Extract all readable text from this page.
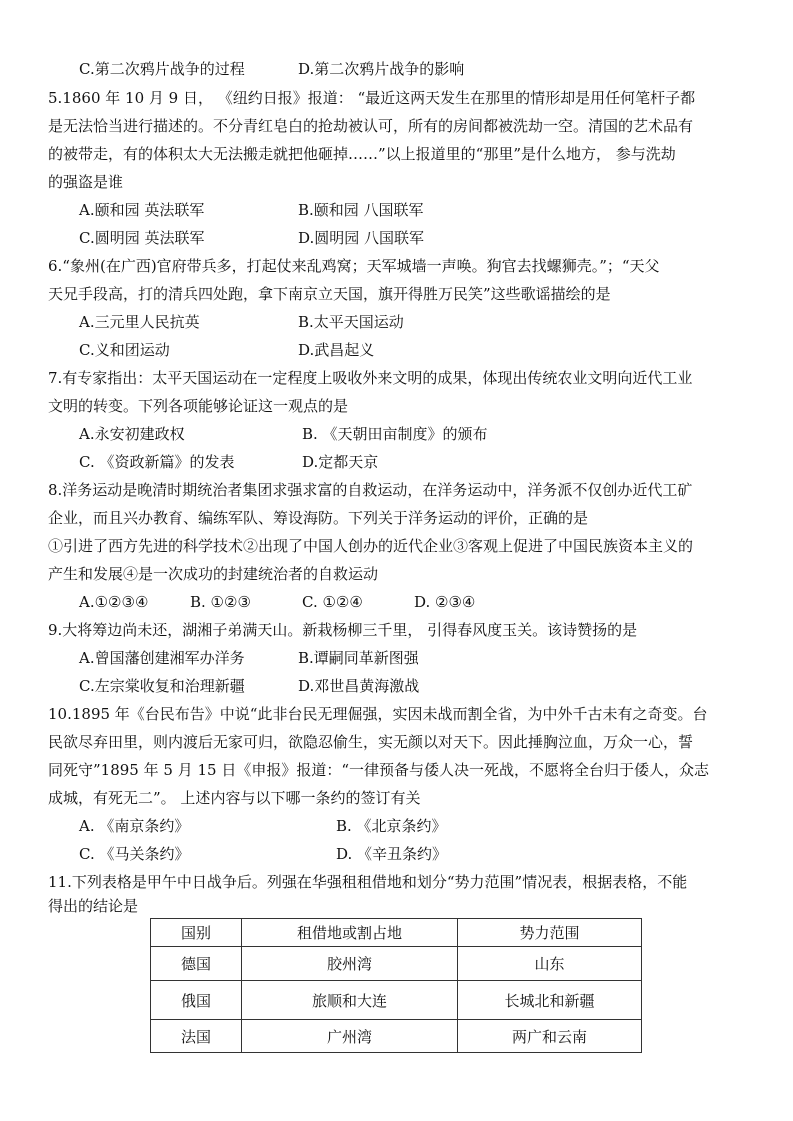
C.第二次鸦片战争的过程	D.第二次鸦片战争的影响
5.1860 年 10 月 9 日， 《纽约日报》报道： “最近这两天发生在那里的情形却是用任何笔杆子都
是无法恰当进行描述的。不分青红皂白的抢劫被认可，所有的房间都被洗劫一空。清国的艺术品有
的被带走，有的体积太大无法搬走就把他砸掉……”以上报道里的“那里”是什么地方， 参与洗劫
的强盗是谁
A.颐和园 英法联军	B.颐和园 八国联军
C.圆明园 英法联军	D.圆明园 八国联军
6.“象州(在广西)官府带兵多，打起仗来乱鸡窝；天军城墙一声唤。狗官去找螺狮壳。”；“天父
天兄手段高，打的清兵四处跑，拿下南京立天国，旗开得胜万民笑”这些歌谣描绘的是
A.三元里人民抗英	B.太平天国运动
C.义和团运动	D.武昌起义
7.有专家指出：太平天国运动在一定程度上吸收外来文明的成果，体现出传统农业文明向近代工业
文明的转变。下列各项能够论证这一观点的是
A.永安初建政权	B. 《天朝田亩制度》的颁布
C. 《资政新篇》的发表	D.定都天京
8.洋务运动是晚清时期统治者集团求强求富的自救运动，在洋务运动中，洋务派不仅创办近代工矿
企业，而且兴办教育、编练军队、筹设海防。下列关于洋务运动的评价，正确的是
①引进了西方先进的科学技术②出现了中国人创办的近代企业③客观上促进了中国民族资本主义的
产生和发展④是一次成功的封建统治者的自救运动
A.①②③④	B. ①②③	C. ①②④	D. ②③④
9.大将筹边尚未还，湖湘子弟满天山。新栽杨柳三千里， 引得春风度玉关。该诗赞扬的是
A.曾国藩创建湘军办洋务	B.谭嗣同革新图强
C.左宗棠收复和治理新疆	D.邓世昌黄海激战
10.1895 年《台民布告》中说“此非台民无理倔强，实因未战而割全省，为中外千古未有之奇变。台
民欲尽弃田里，则内渡后无家可归，欲隐忍偷生，实无颜以对天下。因此捶胸泣血，万众一心，誓
同死守”1895 年 5 月 15 日《申报》报道：“一律预备与倭人决一死战，不愿将全台归于倭人，众志
成城，有死无二”。 上述内容与以下哪一条约的签订有关
A. 《南京条约》	B. 《北京条约》
C. 《马关条约》	D. 《辛丑条约》
11.下列表格是甲午中日战争后。列强在华强租租借地和划分“势力范围”情况表，根据表格，不能
得出的结论是
国别	租借地或割占地	势力范围
德国	胶州湾	山东
俄国	旅顺和大连	长城北和新疆
法国	广州湾	两广和云南
